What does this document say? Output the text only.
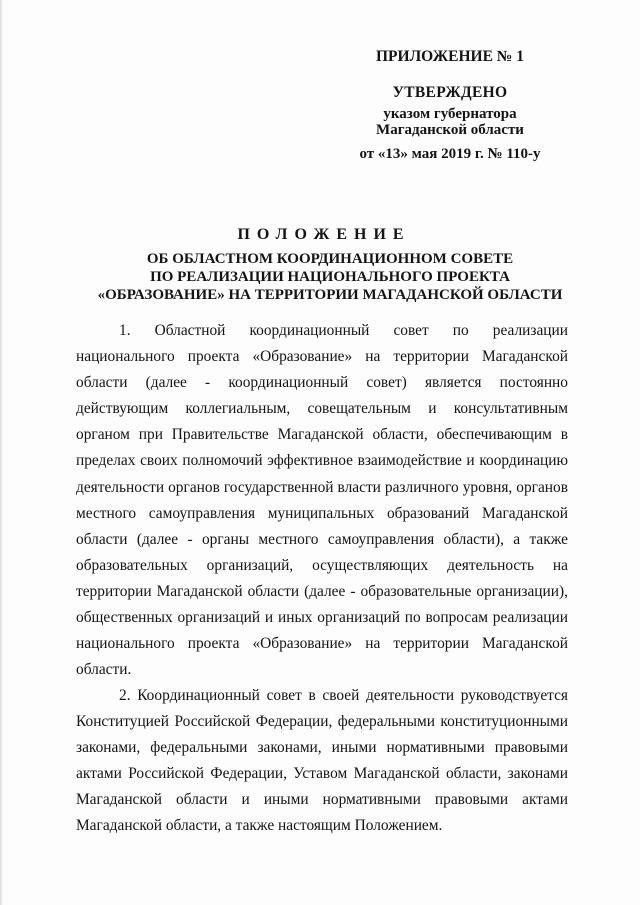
ПРИЛОЖЕНИЕ № 1
УТВЕРЖДЕНО
указом губернатора
Магаданской области
от «13» мая 2019 г. № 110-у
ПОЛОЖЕНИЕ
ОБ ОБЛАСТНОМ КООРДИНАЦИОННОМ СОВЕТЕ
ПО РЕАЛИЗАЦИИ НАЦИОНАЛЬНОГО ПРОЕКТА
«ОБРАЗОВАНИЕ» НА ТЕРРИТОРИИ МАГАДАНСКОЙ ОБЛАСТИ

1. Областной координационный совет по реализации национального проекта «Образование» на территории Магаданской области (далее - координационный совет) является постоянно действующим коллегиальным, совещательным и консультативным органом при Правительстве Магаданской области, обеспечивающим в пределах своих полномочий эффективное взаимодействие и координацию деятельности органов государственной власти различного уровня, органов местного самоуправления муниципальных образований Магаданской области (далее - органы местного самоуправления области), а также образовательных организаций, осуществляющих деятельность на территории Магаданской области (далее - образовательные организации), общественных организаций и иных организаций по вопросам реализации национального проекта «Образование» на территории Магаданской области.

2. Координационный совет в своей деятельности руководствуется Конституцией Российской Федерации, федеральными конституционными законами, федеральными законами, иными нормативными правовыми актами Российской Федерации, Уставом Магаданской области, законами Магаданской области и иными нормативными правовыми актами Магаданской области, а также настоящим Положением.
